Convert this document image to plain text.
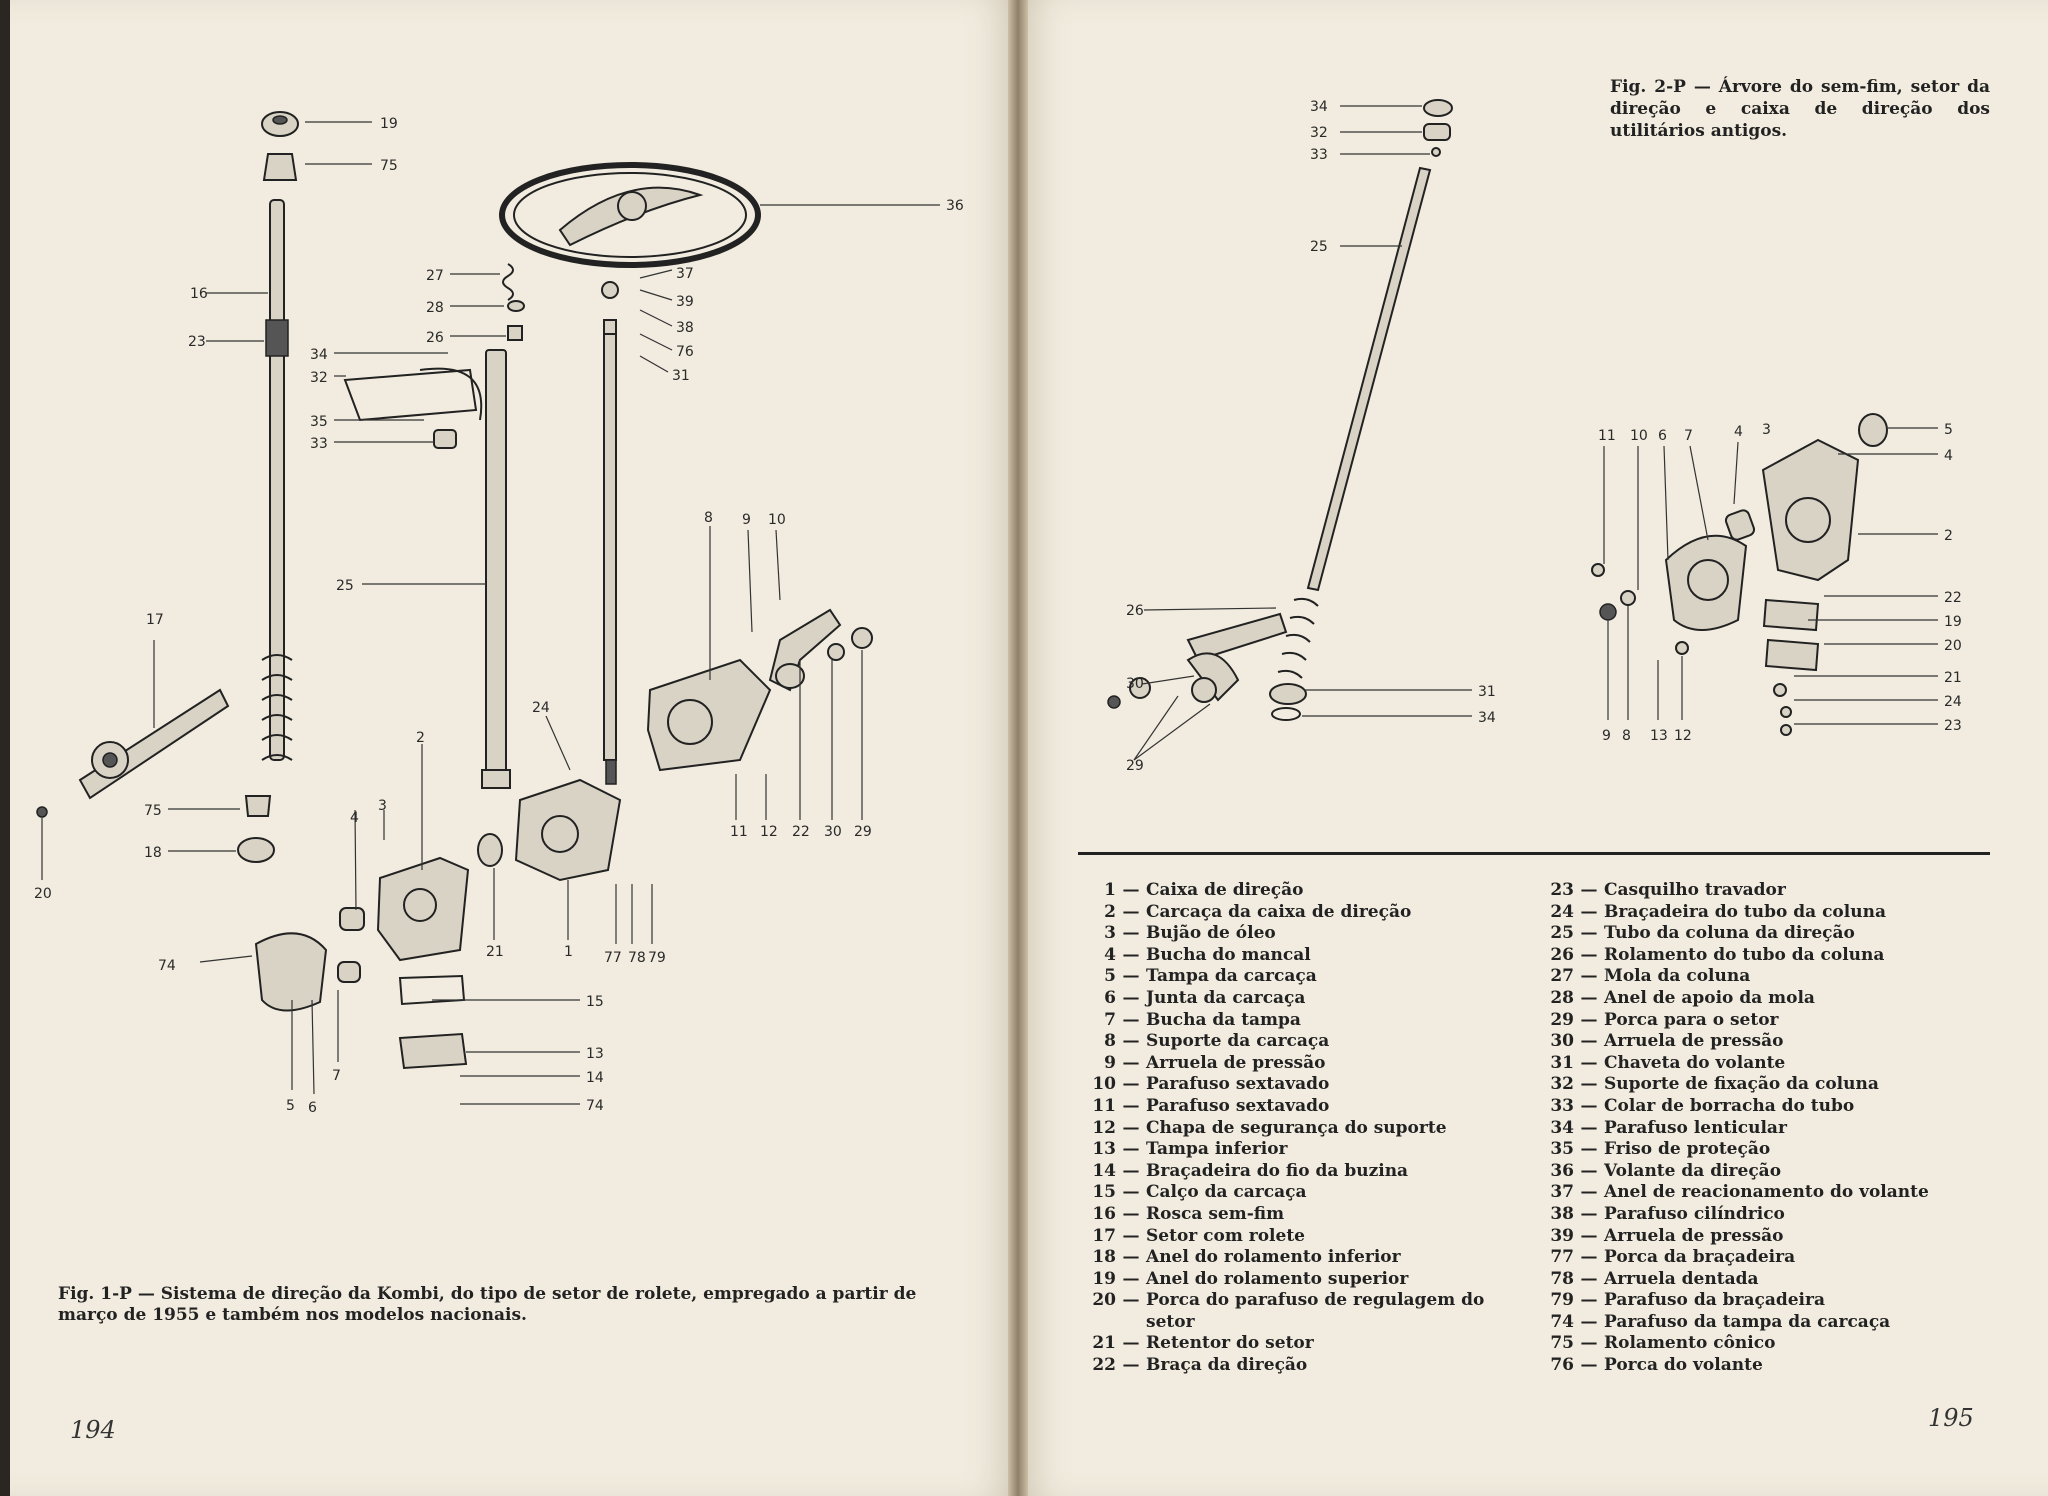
19
75
16
23
17
75
18
20
27
28
26
34
32
35
33
25
36
37
39
38
76
31
8 9 10
24
2
3
4
74
21	1 77 78 79
11 12 22 30 29
15
13
14
74
5 6
7
Fig. 1-P — Sistema de direção da Kombi, do tipo de setor de rolete, empregado a partir de março de 1955 e também nos modelos nacionais.
194
34
32
33
25
26
30
29
31
34
11 10 6 7	4 3	5
4
2
22
19
20
21
24
23
9 8 13 12
Fig. 2-P — Árvore do sem-fim, setor da direção e caixa de direção dos utilitários antigos.
1 — Caixa de direção
2 — Carcaça da caixa de direção
3 — Bujão de óleo
4 — Bucha do mancal
5 — Tampa da carcaça
6 — Junta da carcaça
7 — Bucha da tampa
8 — Suporte da carcaça
9 — Arruela de pressão
10 — Parafuso sextavado
11 — Parafuso sextavado
12 — Chapa de segurança do suporte
13 — Tampa inferior
14 — Braçadeira do fio da buzina
15 — Calço da carcaça
16 — Rosca sem-fim
17 — Setor com rolete
18 — Anel do rolamento inferior
19 — Anel do rolamento superior
20 — Porca do parafuso de regulagem do setor
21 — Retentor do setor
22 — Braça da direção
23 — Casquilho travador
24 — Braçadeira do tubo da coluna
25 — Tubo da coluna da direção
26 — Rolamento do tubo da coluna
27 — Mola da coluna
28 — Anel de apoio da mola
29 — Porca para o setor
30 — Arruela de pressão
31 — Chaveta do volante
32 — Suporte de fixação da coluna
33 — Colar de borracha do tubo
34 — Parafuso lenticular
35 — Friso de proteção
36 — Volante da direção
37 — Anel de reacionamento do volante
38 — Parafuso cilíndrico
39 — Arruela de pressão
77 — Porca da braçadeira
78 — Arruela dentada
79 — Parafuso da braçadeira
74 — Parafuso da tampa da carcaça
75 — Rolamento cônico
76 — Porca do volante
195
